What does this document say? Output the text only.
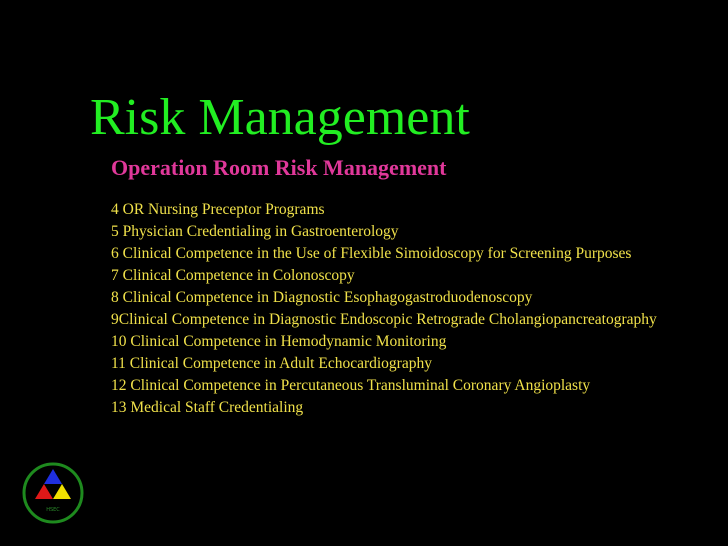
Risk Management
Operation Room Risk Management
4 OR Nursing Preceptor Programs
5 Physician Credentialing in Gastroenterology
6 Clinical Competence in the Use of Flexible Simoidoscopy for Screening Purposes
7 Clinical Competence in Colonoscopy
8 Clinical Competence in Diagnostic Esophagogastroduodenoscopy
9Clinical Competence in Diagnostic Endoscopic Retrograde Cholangiopancreatography
10 Clinical Competence in Hemodynamic Monitoring
11 Clinical Competence in Adult Echocardiography
12 Clinical Competence in Percutaneous Transluminal Coronary Angioplasty
13 Medical Staff Credentialing
HSEC
